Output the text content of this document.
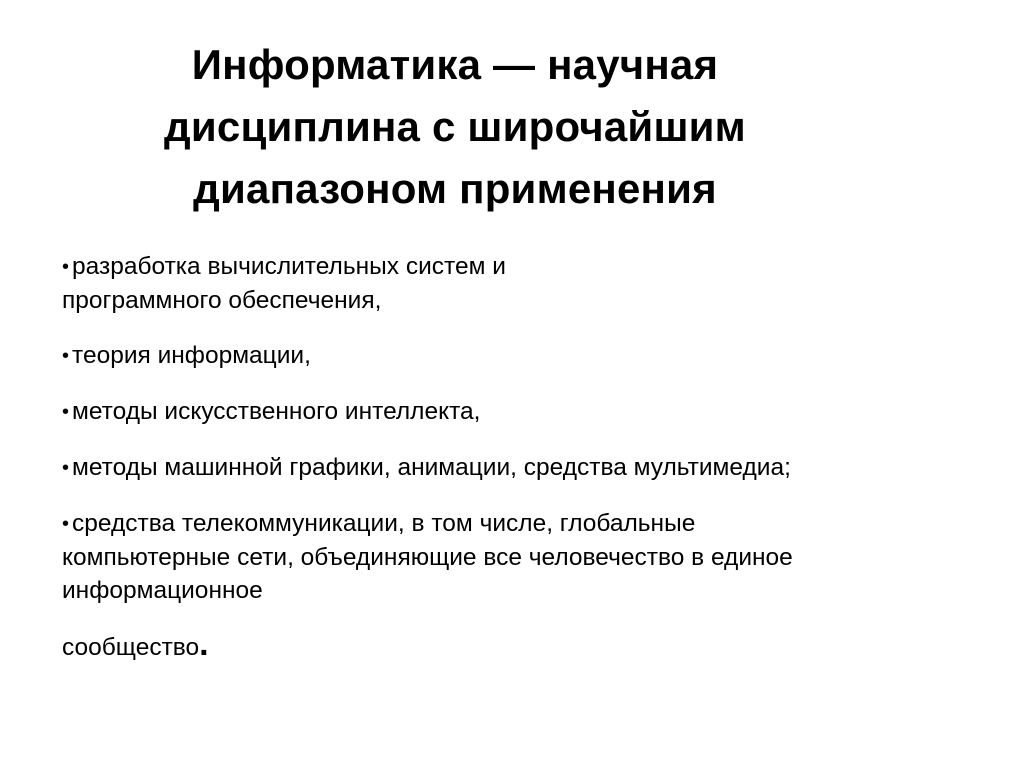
Информатика — научная
дисциплина с широчайшим
диапазоном применения
• разработка вычислительных систем и программного обеспечения,
• теория информации,
• методы искусственного интеллекта,
• методы машинной графики, анимации, средства мультимедиа;
• средства телекоммуникации, в том числе, глобальные компьютерные сети, объединяющие все человечество в единое информационное
сообщество.
